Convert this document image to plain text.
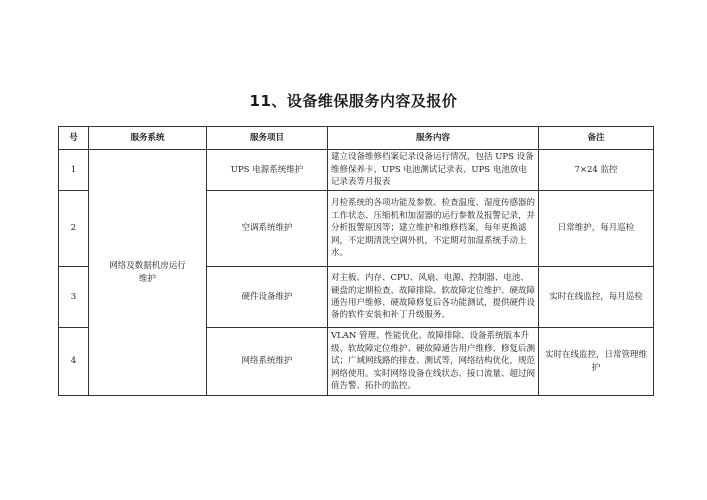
11、设备维保服务内容及报价
号	服务系统	服务项目	服务内容	备注
1	网络及数据机房运行维护	UPS 电源系统维护	建立设备维修档案记录设备运行情况，包括 UPS 设备维修保养卡、UPS 电池测试记录表、UPS 电池放电记录表等月报表	7×24 监控
2		空调系统维护	月检系统的各项功能及参数、检查温度、湿度传感器的工作状态、压缩机和加湿器的运行参数及报警记录，并分析报警原因等；建立维护和维修档案，每年更换滤网，不定期清洗空调外机，不定期对加湿系统手动上水。	日常维护，每月巡检
3		硬件设备维护	对主板、内存、CPU、风扇、电源、控制器、电池、硬盘的定期检查、故障排除、软故障定位维护、硬故障通告用户维修、硬故障修复后各功能测试，提供硬件设备的软件安装和补丁升级服务。	实时在线监控，每月巡检
4		网络系统维护	VLAN 管理、性能优化、故障排除、设备系统版本升级、软故障定位维护、硬故障通告用户维修、修复后测试；广域网线路的排查、测试等，网络结构优化，规范网络使用。实时网络设备在线状态、接口流量、超过阀值告警、拓扑的监控。	实时在线监控，日常管理维护
